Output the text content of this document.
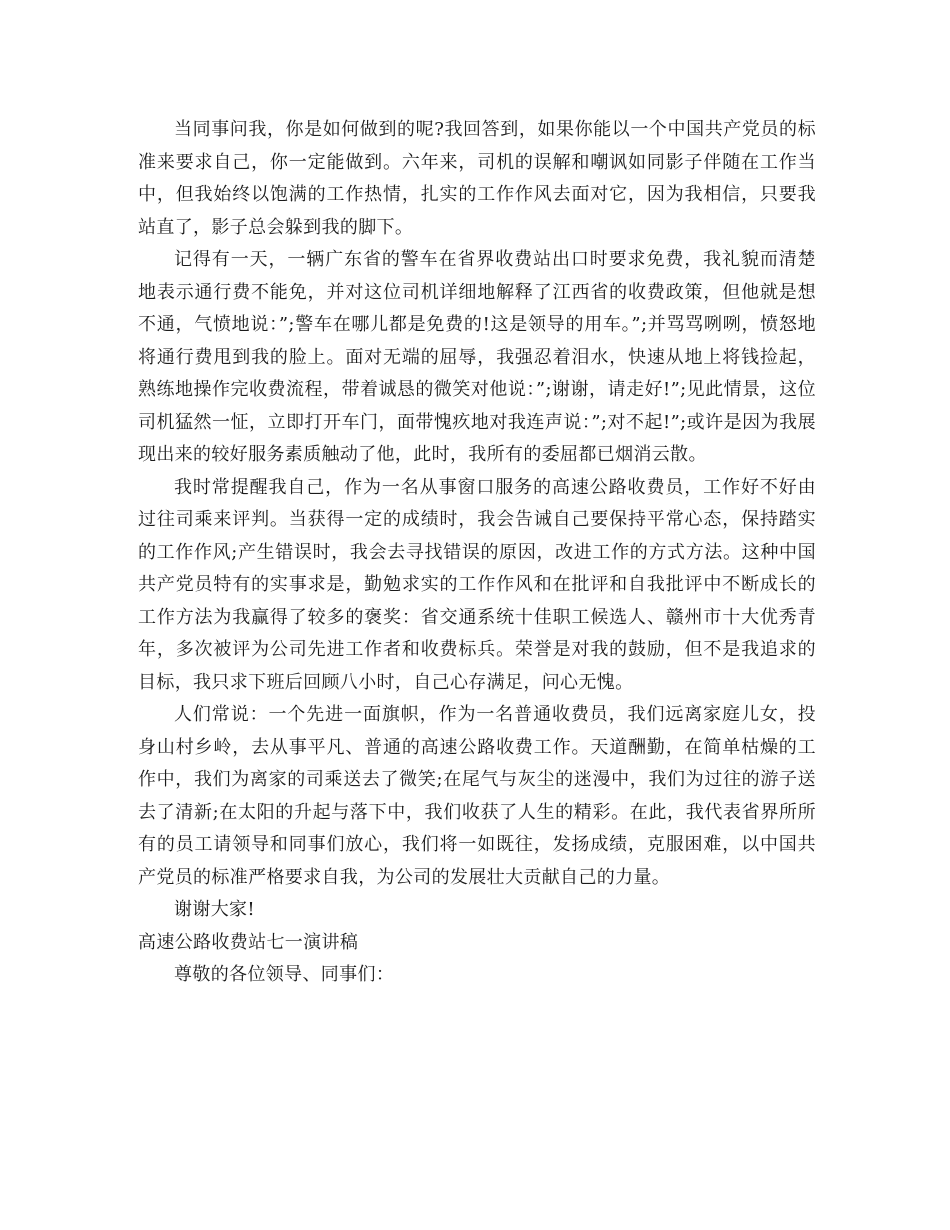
当同事问我，你是如何做到的呢?我回答到，如果你能以一个中国共产党员的标准来要求自己，你一定能做到。六年来，司机的误解和嘲讽如同影子伴随在工作当中，但我始终以饱满的工作热情，扎实的工作作风去面对它，因为我相信，只要我站直了，影子总会躲到我的脚下。

记得有一天，一辆广东省的警车在省界收费站出口时要求免费，我礼貌而清楚地表示通行费不能免，并对这位司机详细地解释了江西省的收费政策，但他就是想不通，气愤地说：”;警车在哪儿都是免费的!这是领导的用车。”;并骂骂咧咧，愤怒地将通行费甩到我的脸上。面对无端的屈辱，我强忍着泪水，快速从地上将钱捡起，熟练地操作完收费流程，带着诚恳的微笑对他说：”;谢谢，请走好!”;见此情景，这位司机猛然一怔，立即打开车门，面带愧疚地对我连声说：”;对不起!”;或许是因为我展现出来的较好服务素质触动了他，此时，我所有的委屈都已烟消云散。

我时常提醒我自己，作为一名从事窗口服务的高速公路收费员，工作好不好由过往司乘来评判。当获得一定的成绩时，我会告诫自己要保持平常心态，保持踏实的工作作风;产生错误时，我会去寻找错误的原因，改进工作的方式方法。这种中国共产党员特有的实事求是，勤勉求实的工作作风和在批评和自我批评中不断成长的工作方法为我赢得了较多的褒奖：省交通系统十佳职工候选人、赣州市十大优秀青年，多次被评为公司先进工作者和收费标兵。荣誉是对我的鼓励，但不是我追求的目标，我只求下班后回顾八小时，自己心存满足，问心无愧。

人们常说：一个先进一面旗帜，作为一名普通收费员，我们远离家庭儿女，投身山村乡岭，去从事平凡、普通的高速公路收费工作。天道酬勤，在简单枯燥的工作中，我们为离家的司乘送去了微笑;在尾气与灰尘的迷漫中，我们为过往的游子送去了清新;在太阳的升起与落下中，我们收获了人生的精彩。在此，我代表省界所所有的员工请领导和同事们放心，我们将一如既往，发扬成绩，克服困难，以中国共产党员的标准严格要求自我，为公司的发展壮大贡献自己的力量。

谢谢大家!

高速公路收费站七一演讲稿

尊敬的各位领导、同事们：
